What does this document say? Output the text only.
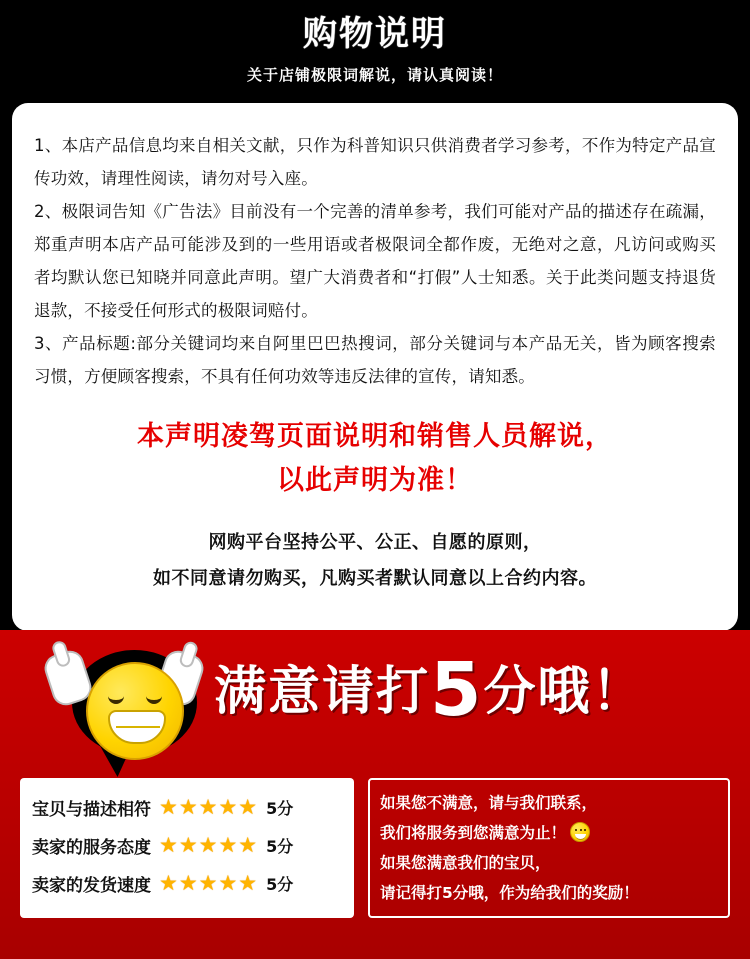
购物说明
关于店铺极限词解说，请认真阅读！

1、本店产品信息均来自相关文献，只作为科普知识只供消费者学习参考，不作为特定产品宣传功效，请理性阅读，请勿对号入座。

2、极限词告知《广告法》目前没有一个完善的清单参考，我们可能对产品的描述存在疏漏，郑重声明本店产品可能涉及到的一些用语或者极限词全都作废，无绝对之意，凡访问或购买者均默认您已知晓并同意此声明。望广大消费者和“打假”人士知悉。关于此类问题支持退货退款，不接受任何形式的极限词赔付。

3、产品标题:部分关键词均来自阿里巴巴热搜词，部分关键词与本产品无关，皆为顾客搜索习惯，方便顾客搜索，不具有任何功效等违反法律的宣传，请知悉。

本声明凌驾页面说明和销售人员解说，
以此声明为准！
网购平台坚持公平、公正、自愿的原则，
如不同意请勿购买，凡购买者默认同意以上合约内容。
满意请打5分哦！
宝贝与描述相符 ★★★★★ 5分
卖家的服务态度 ★★★★★ 5分
卖家的发货速度 ★★★★★ 5分
如果您不满意，请与我们联系，
我们将服务到您满意为止！
如果您满意我们的宝贝，
请记得打5分哦，作为给我们的奖励！
